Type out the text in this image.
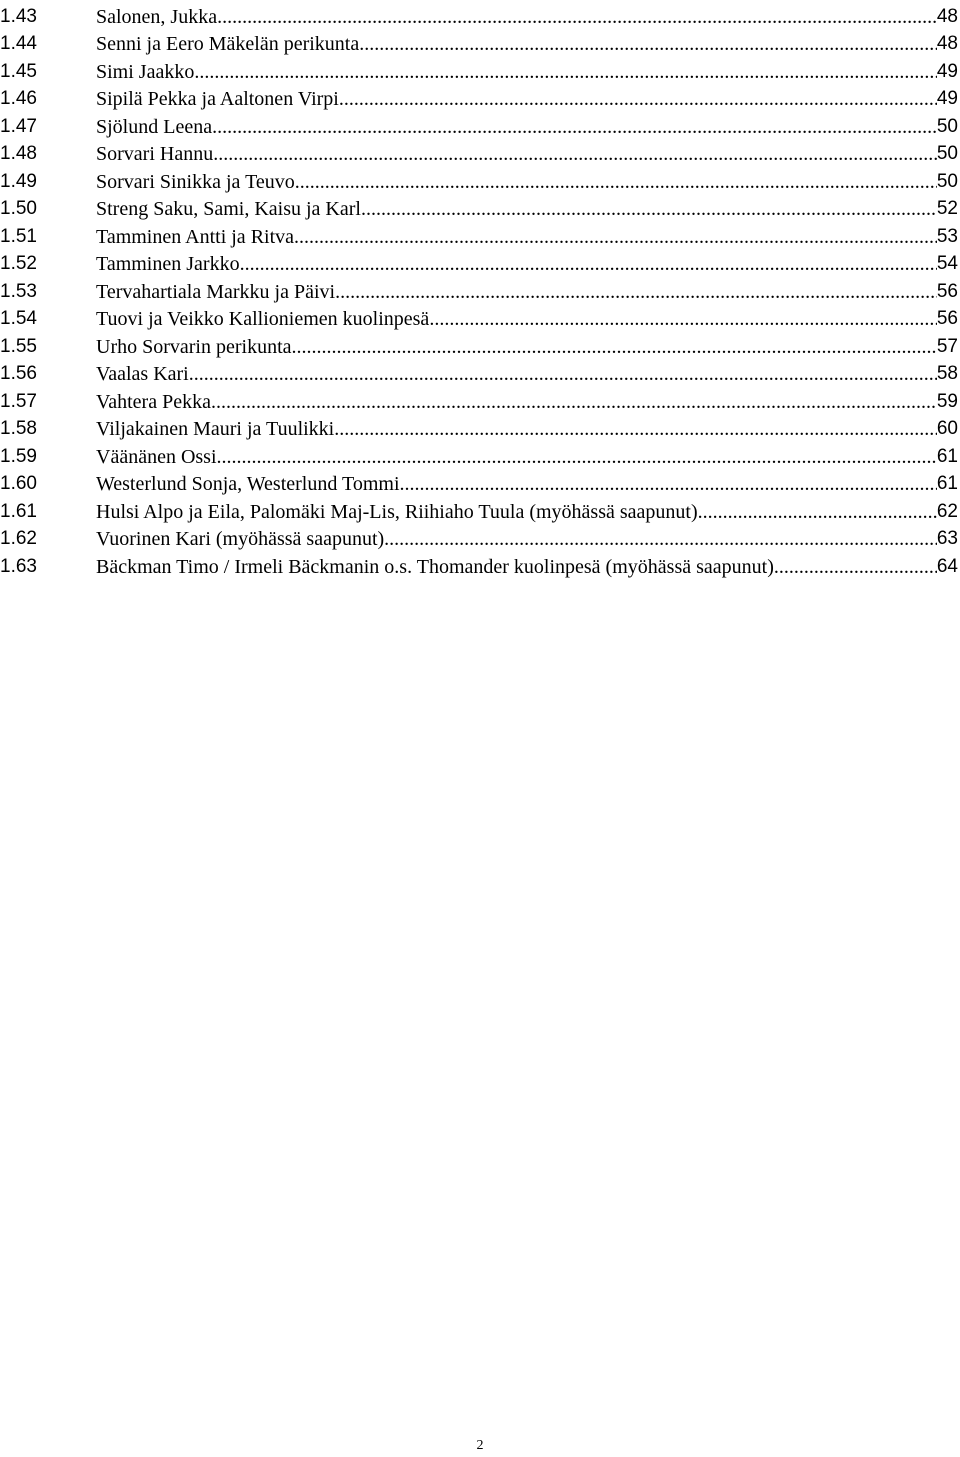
1.43	Salonen, Jukka .....	48
1.44	Senni ja Eero Mäkelän perikunta .....	48
1.45	Simi Jaakko .....	49
1.46	Sipilä Pekka ja Aaltonen Virpi .....	49
1.47	Sjölund Leena .....	50
1.48	Sorvari Hannu .....	50
1.49	Sorvari Sinikka ja Teuvo .....	50
1.50	Streng Saku, Sami, Kaisu ja Karl .....	52
1.51	Tamminen Antti ja Ritva .....	53
1.52	Tamminen Jarkko .....	54
1.53	Tervahartiala Markku ja Päivi .....	56
1.54	Tuovi ja Veikko Kallioniemen kuolinpesä .....	56
1.55	Urho Sorvarin perikunta .....	57
1.56	Vaalas Kari .....	58
1.57	Vahtera Pekka .....	59
1.58	Viljakainen Mauri ja Tuulikki .....	60
1.59	Väänänen Ossi .....	61
1.60	Westerlund Sonja, Westerlund Tommi .....	61
1.61	Hulsi Alpo ja Eila, Palomäki Maj-Lis, Riihiaho Tuula (myöhässä saapunut) .....	62
1.62	Vuorinen Kari (myöhässä saapunut) .....	63
1.63	Bäckman Timo / Irmeli Bäckmanin o.s. Thomander kuolinpesä (myöhässä saapunut) .....	64
2
